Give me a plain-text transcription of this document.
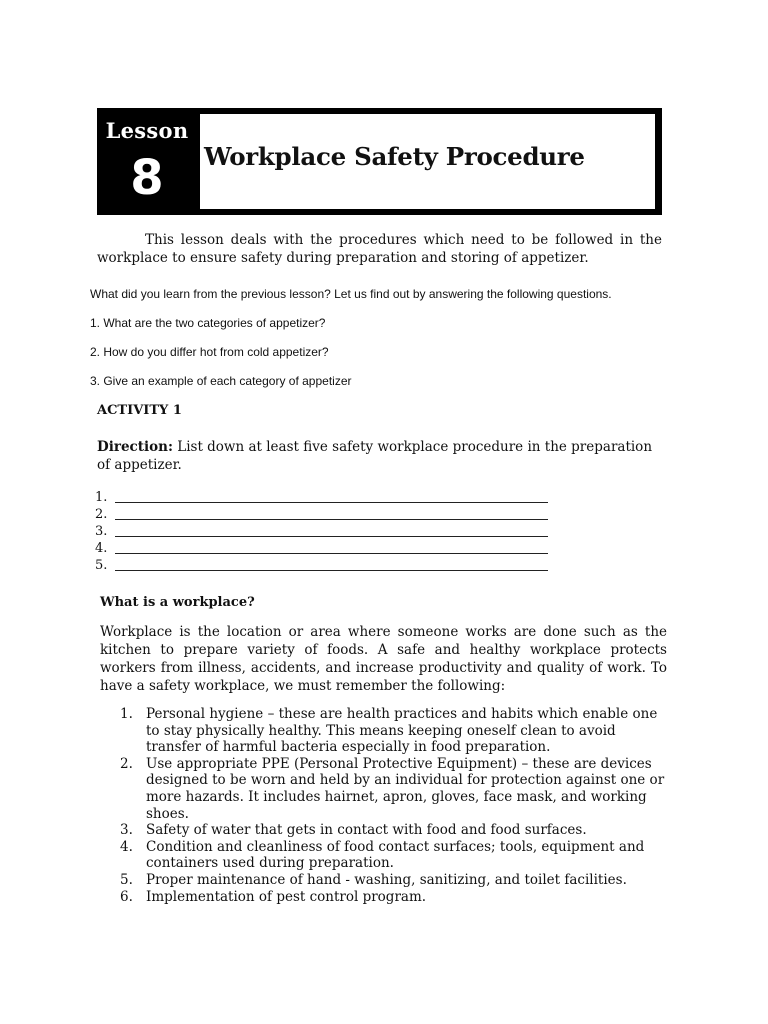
Lesson
8	Workplace Safety Procedure

This lesson deals with the procedures which need to be followed in the workplace to ensure safety during preparation and storing of appetizer.

What did you learn from the previous lesson? Let us find out by answering the following questions.

1. What are the two categories of appetizer?

2. How do you differ hot from cold appetizer?

3. Give an example of each category of appetizer

ACTIVITY 1

Direction: List down at least five safety workplace procedure in the preparation of appetizer.

1.
2.
3.
4.
5.

What is a workplace?

Workplace is the location or area where someone works are done such as the kitchen to prepare variety of foods. A safe and healthy workplace protects workers from illness, accidents, and increase productivity and quality of work. To have a safety workplace, we must remember the following:

1. Personal hygiene – these are health practices and habits which enable one to stay physically healthy. This means keeping oneself clean to avoid transfer of harmful bacteria especially in food preparation.
2. Use appropriate PPE (Personal Protective Equipment) – these are devices designed to be worn and held by an individual for protection against one or more hazards. It includes hairnet, apron, gloves, face mask, and working shoes.
3. Safety of water that gets in contact with food and food surfaces.
4. Condition and cleanliness of food contact surfaces; tools, equipment and containers used during preparation.
5. Proper maintenance of hand - washing, sanitizing, and toilet facilities.
6. Implementation of pest control program.
